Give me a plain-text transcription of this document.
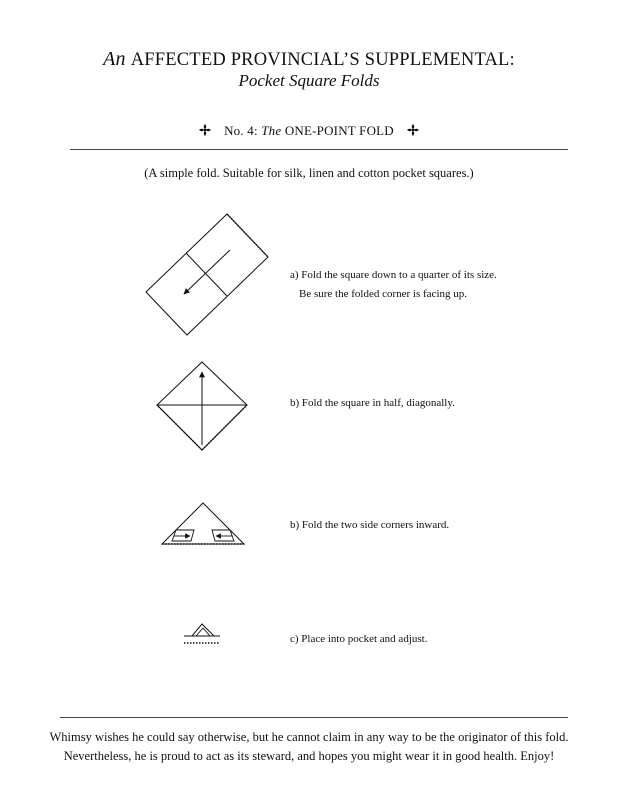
An AFFECTED PROVINCIAL’S SUPPLEMENTAL:
Pocket Square Folds
No. 4: The ONE-POINT FOLD
(A simple fold. Suitable for silk, linen and cotton pocket squares.)
a) Fold the square down to a quarter of its size.
Be sure the folded corner is facing up.
b) Fold the square in half, diagonally.
b) Fold the two side corners inward.
c) Place into pocket and adjust.
Whimsy wishes he could say otherwise, but he cannot claim in any way to be the originator of this fold.
Nevertheless, he is proud to act as its steward, and hopes you might wear it in good health. Enjoy!
